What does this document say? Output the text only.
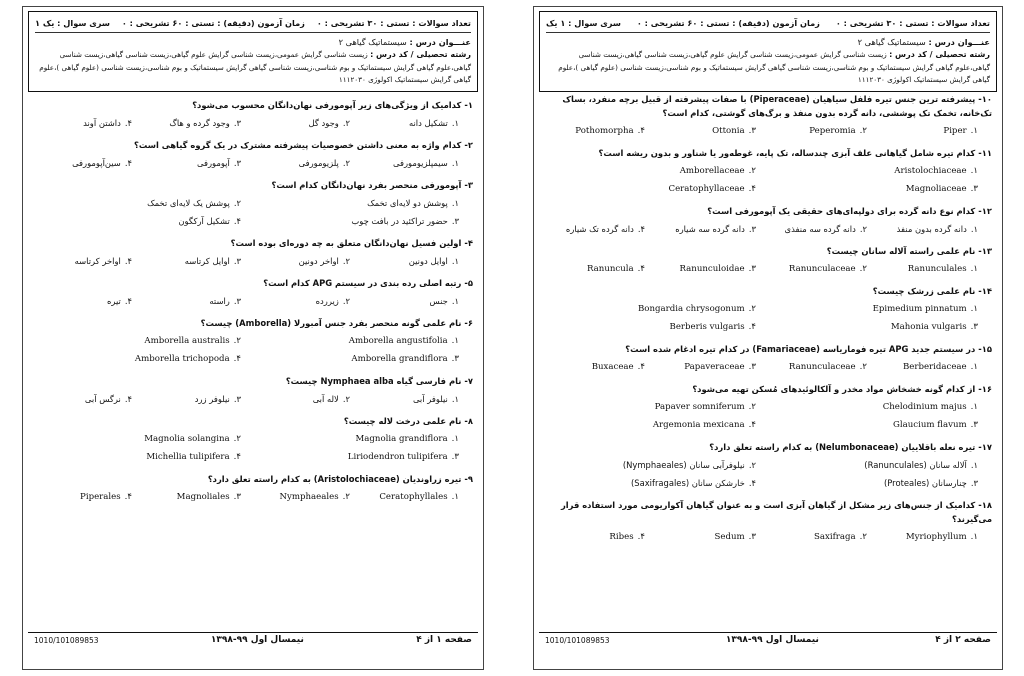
تعداد سوالات : تستی : ۳۰ تشریحی : ۰
زمان آزمون (دقیقه) : تستی : ۶۰ تشریحی : ۰
سری سوال : یک ۱
عنـــوان درس : سیستماتیک گیاهی ۲
رشته تحصیلی / کد درس : زیست شناسی گرایش عمومی،زیست شناسی گرایش علوم گیاهی،زیست شناسی گیاهی،زیست شناسی گیاهی،علوم گیاهی گرایش سیستماتیک و بوم شناسی،زیست شناسی گیاهی گرایش سیستماتیک و بوم شناسی،زیست شناسی (علوم گیاهی )،علوم گیاهی گرایش سیستماتیک اکولوژی ۱۱۱۲۰۳۰
۱-کدامیک از ویژگی‌های زیر آپومورفی نهان‌دانگان محسوب می‌شود؟
۱.تشکیل دانه
۲.وجود گل
۳.وجود گرده و هاگ
۴.داشتن آوند
۲-کدام واژه به معنی داشتن خصوصیات پیشرفته مشترک در یک گروه گیاهی است؟
۱.سیمپلزیومورفی
۲.پلزیومورفی
۳.آپومورفی
۴.سین‌آپومورفی
۳-آپومورفی منحصر بفرد نهان‌دانگان کدام است؟
۱.پوشش دو لایه‌ای تخمک
۲.پوشش یک لایه‌ای تخمک
۳.حضور تراکئید در بافت چوب
۴.تشکیل آرکگون
۴-اولین فسیل نهان‌دانگان متعلق به چه دوره‌ای بوده است؟
۱.اوایل دونین
۲.اواخر دونین
۳.اوایل کرتاسه
۴.اواخر کرتاسه
۵-رتبه اصلی رده بندی در سیستم APG کدام است؟
۱.جنس
۲.زیررده
۳.راسته
۴.تیره
۶-نام علمی گونه منحصر بفرد جنس آمبورلا (Amborella) چیست؟
۱.Amborella angustifolia
۲.Amborella australis
۳.Amborella grandiflora
۴.Amborella trichopoda
۷-نام فارسی گیاه Nymphaea alba چیست؟
۱.نیلوفر آبی
۲.لاله آبی
۳.نیلوفر زرد
۴.نرگس آبی
۸-نام علمی درخت لاله چیست؟
۱.Magnolia grandiflora
۲.Magnolia solangina
۳.Liriodendron tulipifera
۴.Michellia tulipifera
۹-تیره زراوندیان (Aristolochiaceae) به کدام راسته تعلق دارد؟
۱.Ceratophyllales
۲.Nymphaeales
۳.Magnoliales
۴.Piperales
صفحه ۱ از ۴
نیمسال اول ۹۹-۱۳۹۸
1010/101089853
تعداد سوالات : تستی : ۳۰ تشریحی : ۰
زمان آزمون (دقیقه) : تستی : ۶۰ تشریحی : ۰
سری سوال : ۱ یک
عنـــوان درس : سیستماتیک گیاهی ۲
رشته تحصیلی / کد درس : زیست شناسی گرایش عمومی،زیست شناسی گرایش علوم گیاهی،زیست شناسی گیاهی،زیست شناسی گیاهی،علوم گیاهی گرایش سیستماتیک و بوم شناسی،زیست شناسی گیاهی گرایش سیستماتیک و بوم شناسی،زیست شناسی (علوم گیاهی )،علوم گیاهی گرایش سیستماتیک اکولوژی ۱۱۱۲۰۳۰
۱۰-پیشرفته ترین جنس تیره فلفل سیاهیان (Piperaceae) با صفات پیشرفته از قبیل برچه منفرد، بساک تک‌خانه، تخمک تک پوششی، دانه گرده بدون منفذ و برگ‌های گوشتی، کدام است؟
۱.Piper
۲.Peperomia
۳.Ottonia
۴.Pothomorpha
۱۱-کدام تیره شامل گیاهانی علف آبزی چندساله، تک پایه، غوطه‌ور یا شناور و بدون ریشه است؟
۱.Aristolochiaceae
۲.Amborellaceae
۳.Magnoliaceae
۴.Ceratophyllaceae
۱۲-کدام نوع دانه گرده برای دولپه‌ای‌های حقیقی یک آپومورفی است؟
۱.دانه گرده بدون منفذ
۲.دانه گرده سه منفذی
۳.دانه گرده سه شیاره
۴.دانه گرده تک شیاره
۱۳-نام علمی راسته آلاله سانان چیست؟
۱.Ranunculales
۲.Ranunculaceae
۳.Ranunculoidae
۴.Ranuncula
۱۴-نام علمی زرشک چیست؟
۱.Epimedium pinnatum
۲.Bongardia chrysogonum
۳.Mahonia vulgaris
۴.Berberis vulgaris
۱۵-در سیستم جدید APG تیره فوماریاسه (Famariaceae) در کدام تیره ادغام شده است؟
۱.Berberidaceae
۲.Ranunculaceae
۳.Papaveraceae
۴.Buxaceae
۱۶-از کدام گونه خشخاش مواد مخدر و آلکالوئیدهای مُسکن تهیه می‌شود؟
۱.Chelodinium majus
۲.Papaver somniferum
۳.Glaucium flavum
۴.Argemonia mexicana
۱۷-تیره نعله باقلاییان (Nelumbonaceae) به کدام راسته تعلق دارد؟
۱.آلاله سانان (Ranunculales)
۲.نیلوفرآبی سانان (Nymphaeales)
۳.چنارسانان (Proteales)
۴.خارشکن سانان (Saxifragales)
۱۸-کدامیک از جنس‌های زیر مشکل از گیاهان آبزی است و به عنوان گیاهان آکواریومی مورد استفاده قرار می‌گیرند؟
۱.Myriophyllum
۲.Saxifraga
۳.Sedum
۴.Ribes
صفحه ۲ از ۴
نیمسال اول ۹۹-۱۳۹۸
1010/101089853
